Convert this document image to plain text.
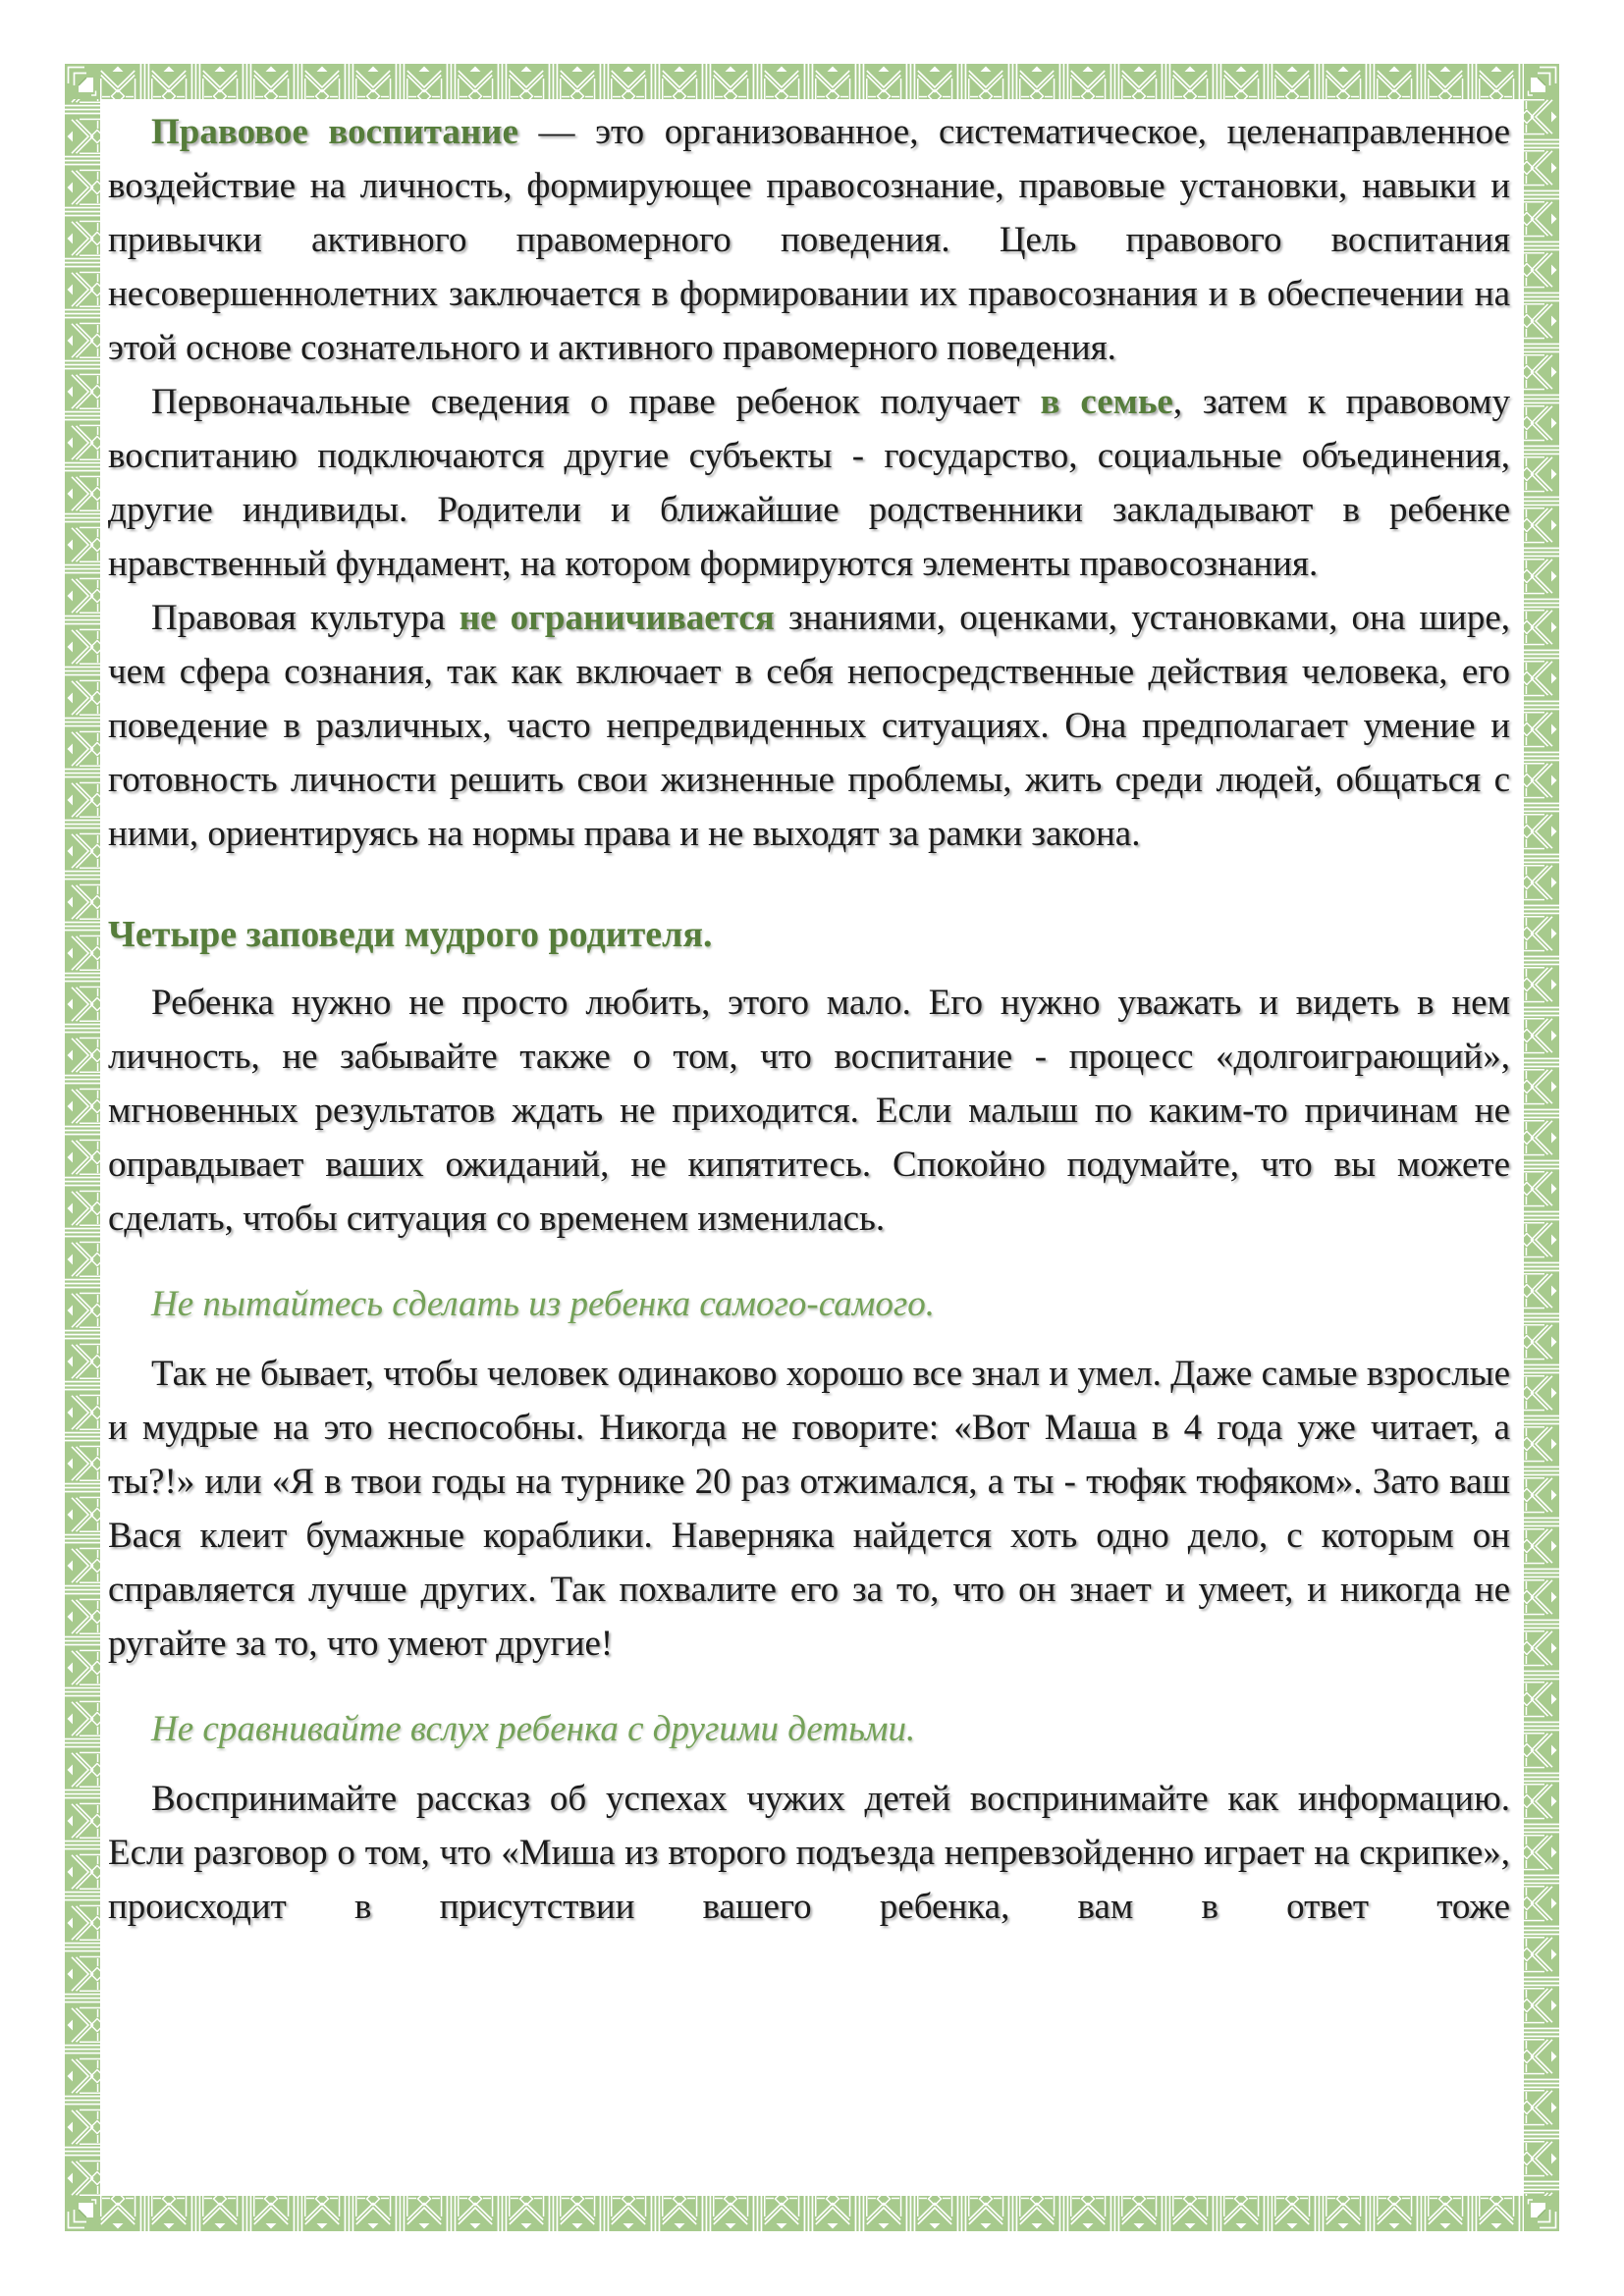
Правовое воспитание — это организованное, систематическое, целенаправленное воздействие на личность, формирующее правосознание, правовые установки, навыки и привычки активного правомерного поведения. Цель правового воспитания несовершеннолетних заключается в формировании их правосознания и в обеспечении на этой основе сознательного и активного правомерного поведения.

Первоначальные сведения о праве ребенок получает в семье, затем к правовому воспитанию подключаются другие субъекты - государство, социальные объединения, другие индивиды. Родители и ближайшие родственники закладывают в ребенке нравственный фундамент, на котором формируются элементы правосознания.

Правовая культура не ограничивается знаниями, оценками, установками, она шире, чем сфера сознания, так как включает в себя непосредственные действия человека, его поведение в различных, часто непредвиденных ситуациях. Она предполагает умение и готовность личности решить свои жизненные проблемы, жить среди людей, общаться с ними, ориентируясь на нормы права и не выходят за рамки закона.

Четыре заповеди мудрого родителя.

Ребенка нужно не просто любить, этого мало. Его нужно уважать и видеть в нем личность, не забывайте также о том, что воспитание - процесс «долгоиграющий», мгновенных результатов ждать не приходится. Если малыш по каким-то причинам не оправдывает ваших ожиданий, не кипятитесь. Спокойно подумайте, что вы можете сделать, чтобы ситуация со временем изменилась.

Не пытайтесь сделать из ребенка самого-самого.

Так не бывает, чтобы человек одинаково хорошо все знал и умел. Даже самые взрослые и мудрые на это неспособны. Никогда не говорите: «Вот Маша в 4 года уже читает, а ты?!» или «Я в твои годы на турнике 20 раз отжимался, а ты - тюфяк тюфяком». Зато ваш Вася клеит бумажные кораблики. Наверняка найдется хоть одно дело, с которым он справляется лучше других. Так похвалите его за то, что он знает и умеет, и никогда не ругайте за то, что умеют другие!

Не сравнивайте вслух ребенка с другими детьми.

Воспринимайте рассказ об успехах чужих детей воспринимайте как информацию. Если разговор о том, что «Миша из второго подъезда непревзойденно играет на скрипке», происходит в присутствии вашего ребенка, вам в ответ тоже
